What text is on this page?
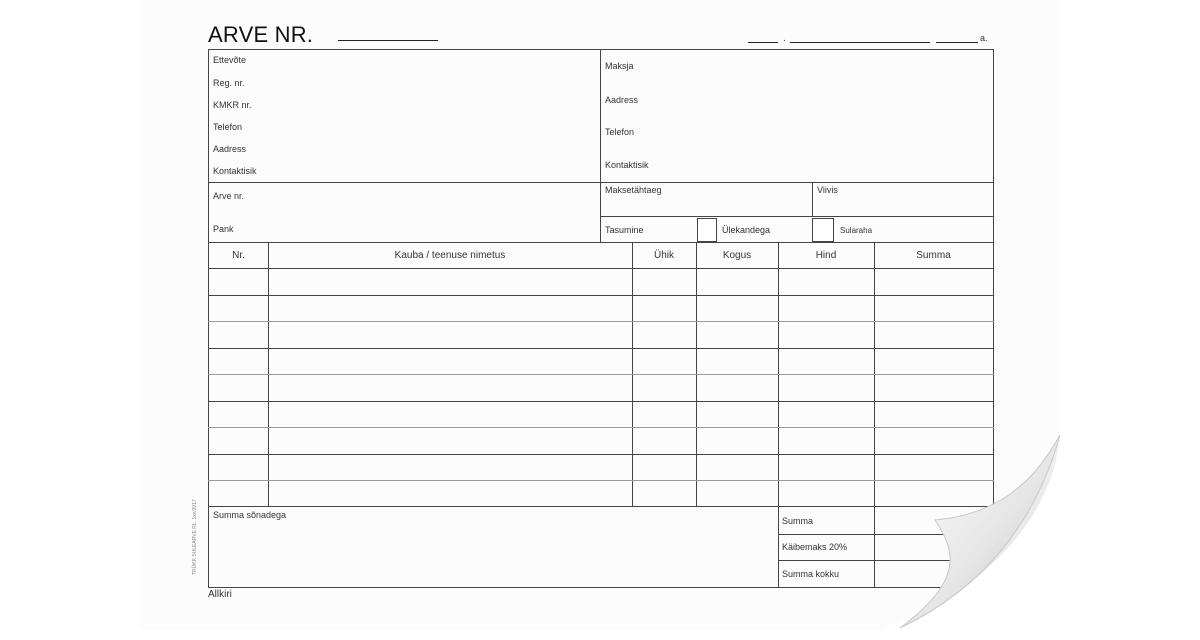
ARVE NR.	.	a.
Ettevõte
Reg. nr.
KMKR nr.
Telefon
Aadress
Kontaktisik
Maksja
Aadress
Telefon
Kontaktisik
Arve nr.
Pank
Maksetähtaeg	Viivis
Tasumine	Ülekandega	Sularaha
Nr.	Kauba / teenuse nimetus	Ühik	Kogus	Hind	Summa
Summa sõnadega
Summa
Käibemaks 20%
Summa kokku
Allkiri
TRÜKK SULEARVE RL. 1xx/2017
